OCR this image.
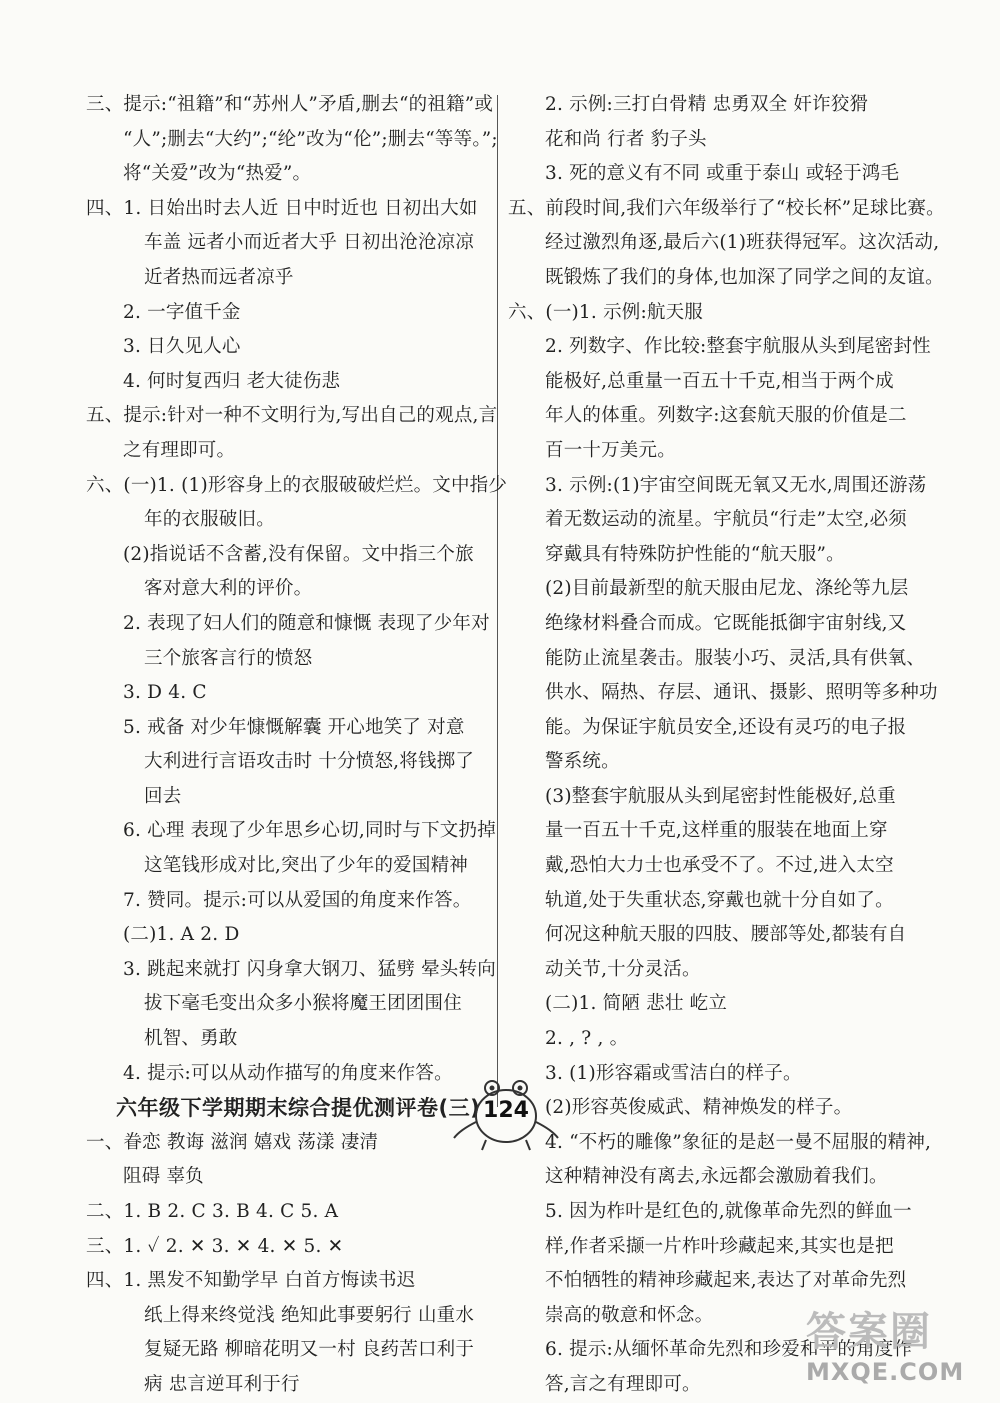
三、提示:“祖籍”和“苏州人”矛盾,删去“的祖籍”或
“人”;删去“大约”;“纶”改为“伦”;删去“等等。”;
将“关爱”改为“热爱”。
四、1. 日始出时去人近 日中时近也 日初出大如
车盖 远者小而近者大乎 日初出沧沧凉凉
近者热而远者凉乎
2. 一字值千金
3. 日久见人心
4. 何时复西归 老大徒伤悲
五、提示:针对一种不文明行为,写出自己的观点,言
之有理即可。
六、(一)1. (1)形容身上的衣服破破烂烂。文中指少
年的衣服破旧。
(2)指说话不含蓄,没有保留。文中指三个旅
客对意大利的评价。
2. 表现了妇人们的随意和慷慨 表现了少年对
三个旅客言行的愤怒
3. D 4. C
5. 戒备 对少年慷慨解囊 开心地笑了 对意
大利进行言语攻击时 十分愤怒,将钱掷了
回去
6. 心理 表现了少年思乡心切,同时与下文扔掉
这笔钱形成对比,突出了少年的爱国精神
7. 赞同。提示:可以从爱国的角度来作答。
(二)1. A 2. D
3. 跳起来就打 闪身拿大钢刀、猛劈 晕头转向
拔下毫毛变出众多小猴将魔王团团围住
机智、勇敢
4. 提示:可以从动作描写的角度来作答。
六年级下学期期末综合提优测评卷(三)
一、眷恋 教诲 滋润 嬉戏 荡漾 凄清
阻碍 辜负
二、1. B 2. C 3. B 4. C 5. A
三、1. ✓ 2. ✕ 3. ✕ 4. ✕ 5. ✕
四、1. 黑发不知勤学早 白首方悔读书迟
纸上得来终觉浅 绝知此事要躬行 山重水
复疑无路 柳暗花明又一村 良药苦口利于
病 忠言逆耳利于行
2. 示例:三打白骨精 忠勇双全 奸诈狡猾
花和尚 行者 豹子头
3. 死的意义有不同 或重于泰山 或轻于鸿毛
五、前段时间,我们六年级举行了“校长杯”足球比赛。
经过激烈角逐,最后六(1)班获得冠军。这次活动,
既锻炼了我们的身体,也加深了同学之间的友谊。
六、(一)1. 示例:航天服
2. 列数字、作比较:整套宇航服从头到尾密封性
能极好,总重量一百五十千克,相当于两个成
年人的体重。列数字:这套航天服的价值是二
百一十万美元。
3. 示例:(1)宇宙空间既无氧又无水,周围还游荡
着无数运动的流星。宇航员“行走”太空,必须
穿戴具有特殊防护性能的“航天服”。
(2)目前最新型的航天服由尼龙、涤纶等九层
绝缘材料叠合而成。它既能抵御宇宙射线,又
能防止流星袭击。服装小巧、灵活,具有供氧、
供水、隔热、存层、通讯、摄影、照明等多种功
能。为保证宇航员安全,还设有灵巧的电子报
警系统。
(3)整套宇航服从头到尾密封性能极好,总重
量一百五十千克,这样重的服装在地面上穿
戴,恐怕大力士也承受不了。不过,进入太空
轨道,处于失重状态,穿戴也就十分自如了。
何况这种航天服的四肢、腰部等处,都装有自
动关节,十分灵活。
(二)1. 简陋 悲壮 屹立
2. , ? , 。
3. (1)形容霜或雪洁白的样子。
(2)形容英俊威武、精神焕发的样子。
4. “不朽的雕像”象征的是赵一曼不屈服的精神,
这种精神没有离去,永远都会激励着我们。
5. 因为柞叶是红色的,就像革命先烈的鲜血一
样,作者采撷一片柞叶珍藏起来,其实也是把
不怕牺牲的精神珍藏起来,表达了对革命先烈
崇高的敬意和怀念。
6. 提示:从缅怀革命先烈和珍爱和平的角度作
答,言之有理即可。
124
答案圈
MXQE.COM
